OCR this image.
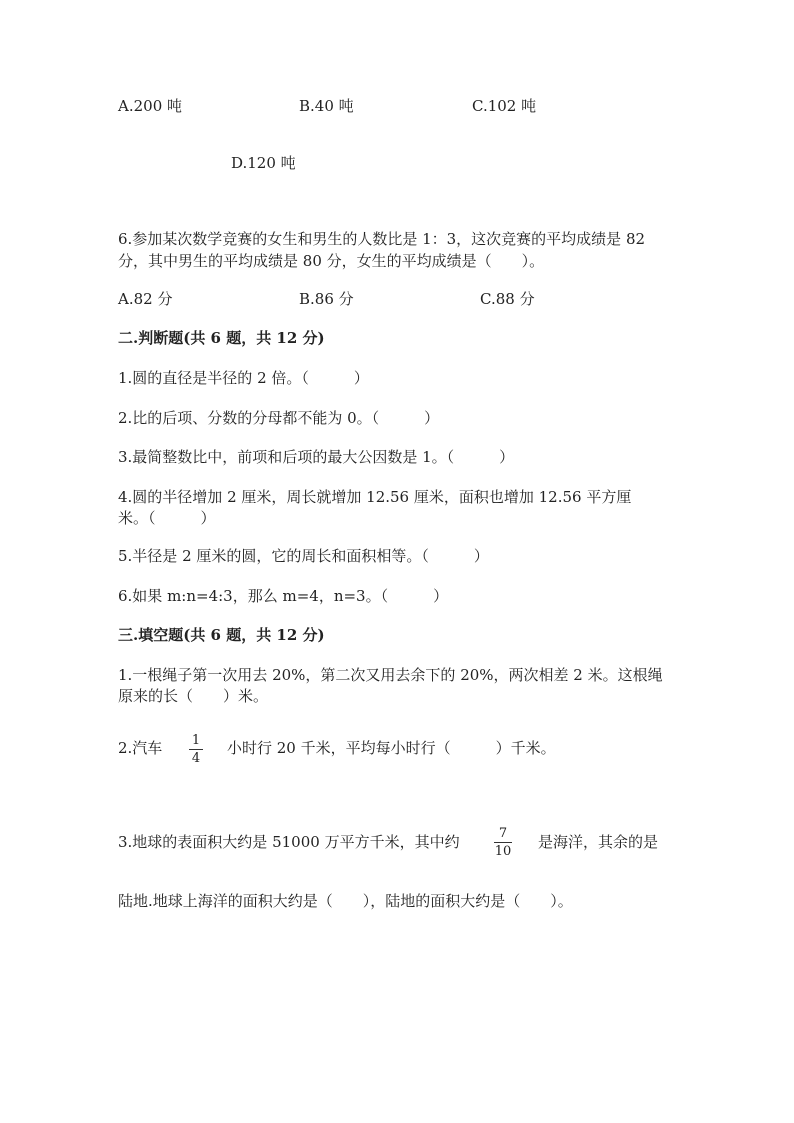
A.200 吨	B.40 吨	C.102 吨
D.120 吨
6.参加某次数学竞赛的女生和男生的人数比是 1：3，这次竞赛的平均成绩是 82
分，其中男生的平均成绩是 80 分，女生的平均成绩是（　　）。
A.82 分	B.86 分	C.88 分
二.判断题(共 6 题，共 12 分)
1.圆的直径是半径的 2 倍。（　　　）
2.比的后项、分数的分母都不能为 0。（　　　）
3.最简整数比中，前项和后项的最大公因数是 1。（　　　）
4.圆的半径增加 2 厘米，周长就增加 12.56 厘米，面积也增加 12.56 平方厘
米。（　　　）
5.半径是 2 厘米的圆，它的周长和面积相等。（　　　）
6.如果 m:n=4:3，那么 m=4，n=3。（　　　）
三.填空题(共 6 题，共 12 分)
1.一根绳子第一次用去 20%，第二次又用去余下的 20%，两次相差 2 米。这根绳
原来的长（　　）米。
2.汽车 1
4
小时行 20 千米，平均每小时行（　　　）千米。
3.地球的表面积大约是 51000 万平方千米，其中约	7
10
是海洋，其余的是
陆地.地球上海洋的面积大约是（　　），陆地的面积大约是（　　）。
